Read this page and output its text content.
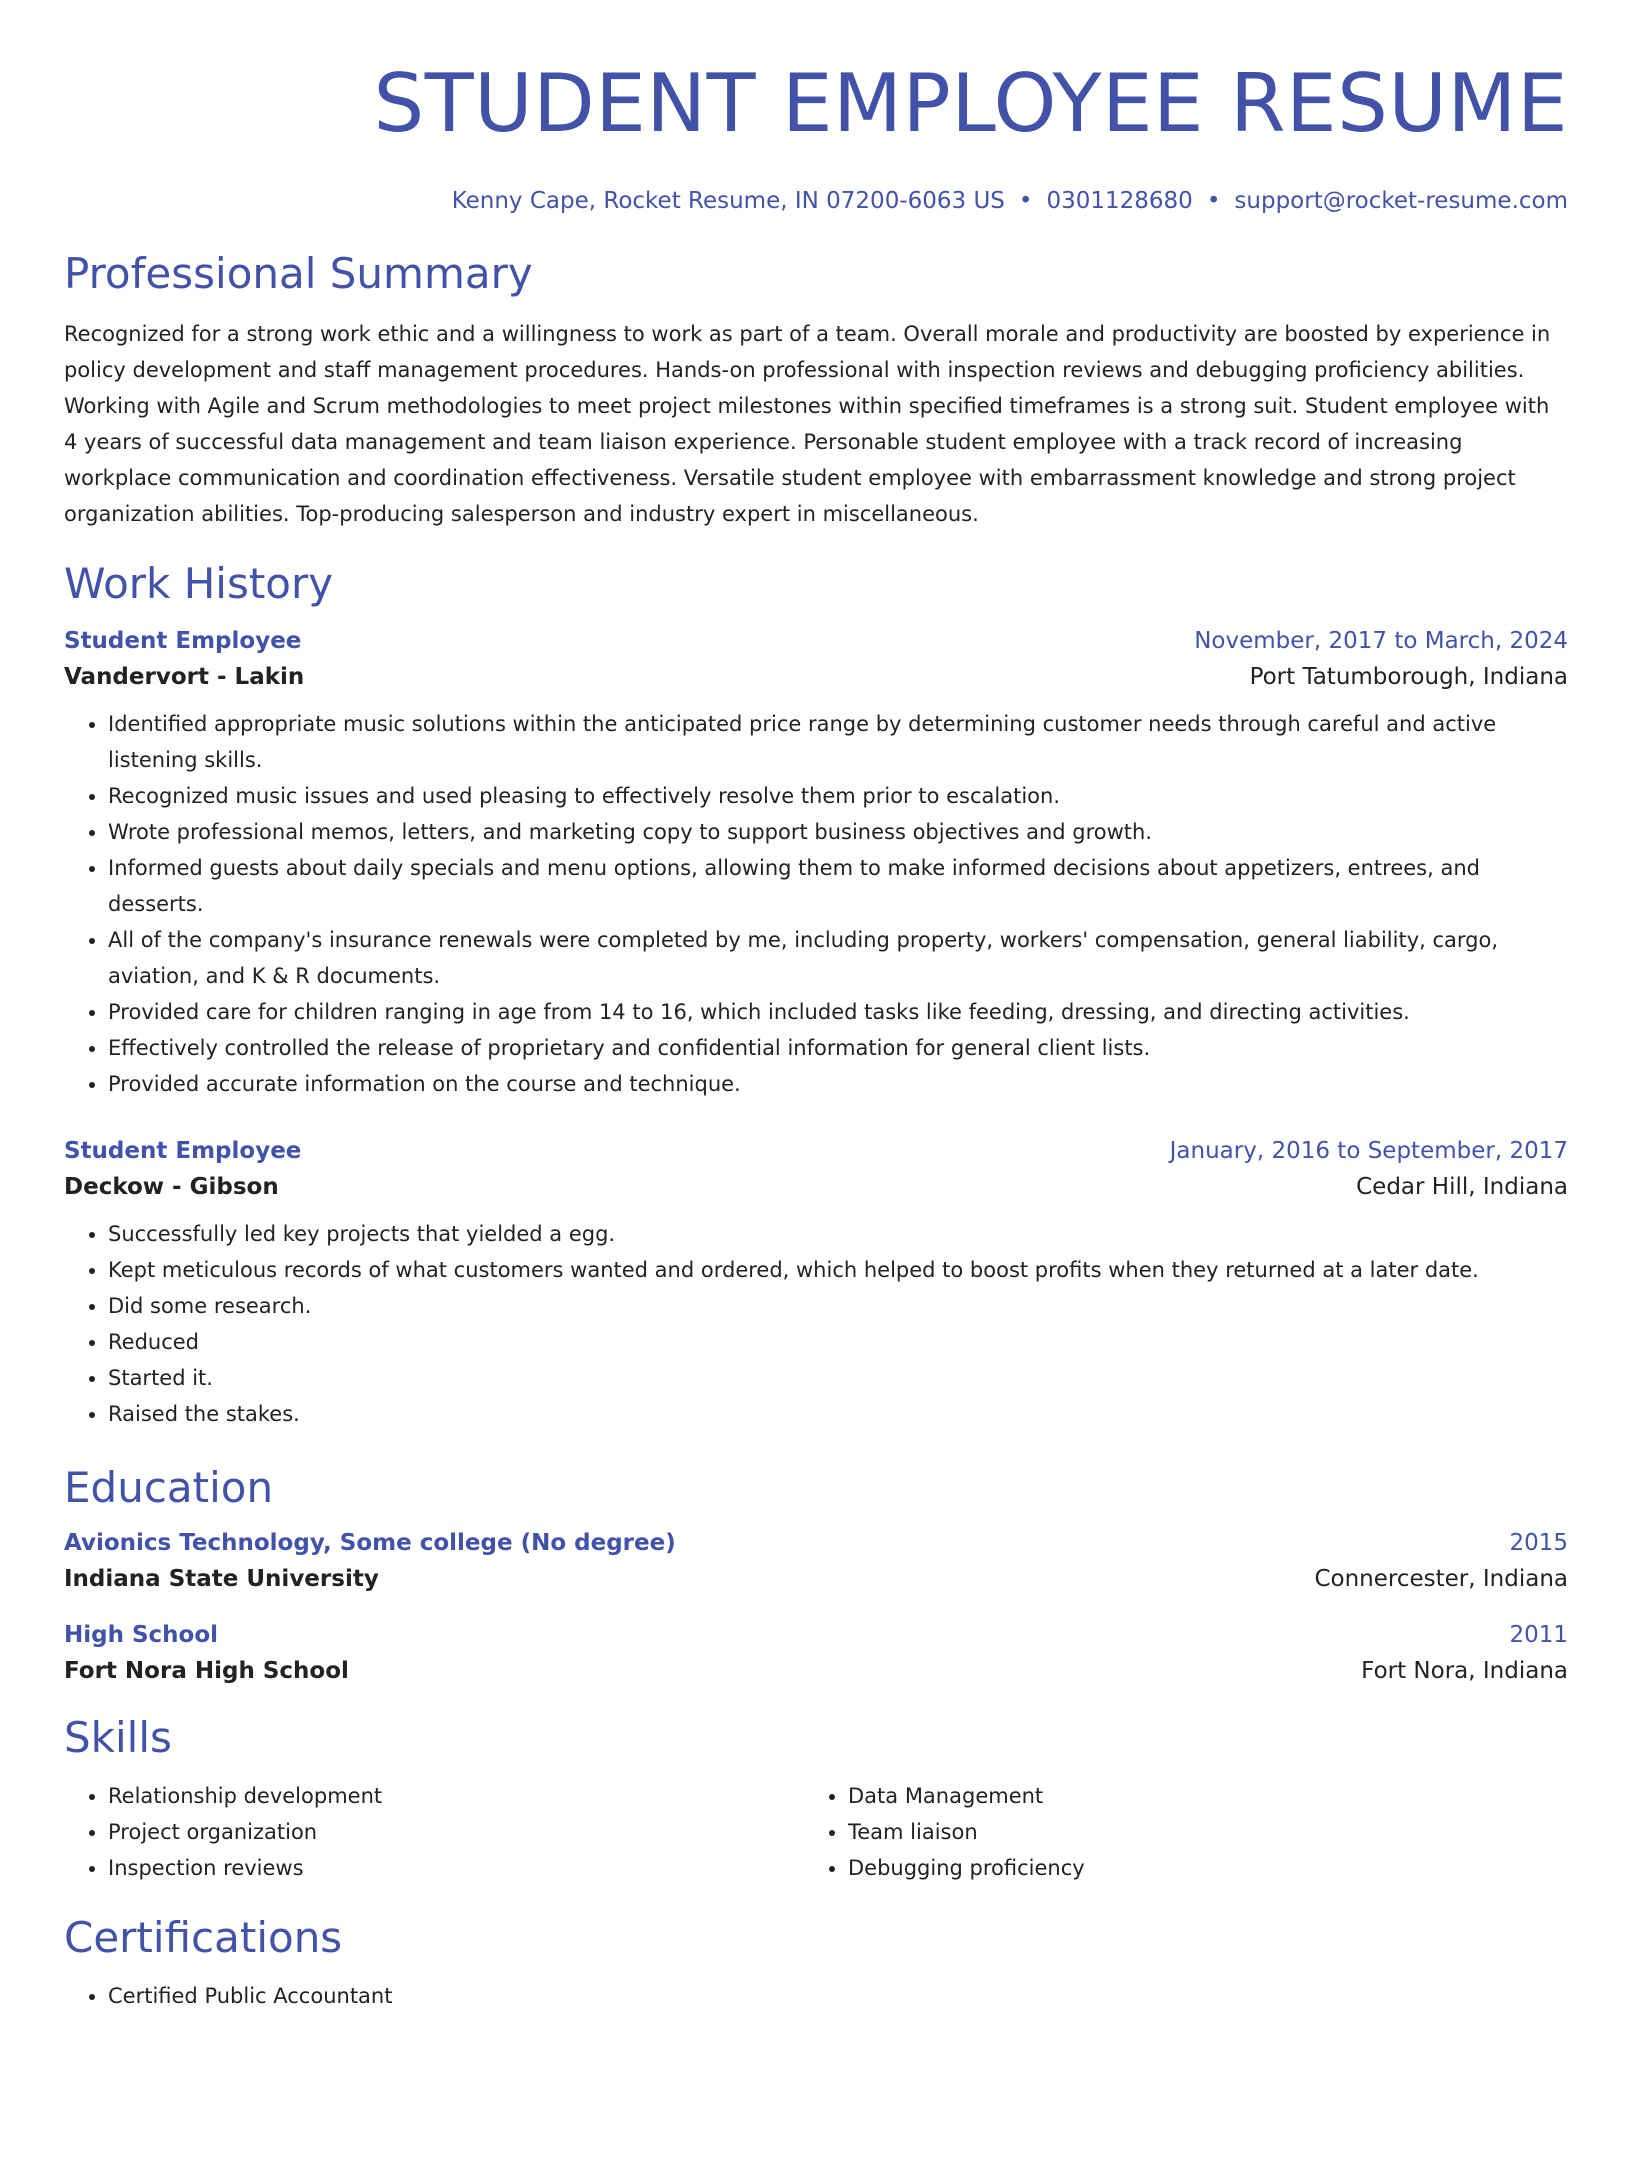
STUDENT EMPLOYEE RESUME
Kenny Cape, Rocket Resume, IN 07200-6063 US • 0301128680 • support@rocket-resume.com
Professional Summary

Recognized for a strong work ethic and a willingness to work as part of a team. Overall morale and productivity are boosted by experience in policy development and staff management procedures. Hands-on professional with inspection reviews and debugging proficiency abilities. Working with Agile and Scrum methodologies to meet project milestones within specified timeframes is a strong suit. Student employee with 4 years of successful data management and team liaison experience. Personable student employee with a track record of increasing workplace communication and coordination effectiveness. Versatile student employee with embarrassment knowledge and strong project organization abilities. Top-producing salesperson and industry expert in miscellaneous.

Work History
Student Employee	November, 2017 to March, 2024
Vandervort - Lakin	Port Tatumborough, Indiana
• Identified appropriate music solutions within the anticipated price range by determining customer needs through careful and active listening skills.
• Recognized music issues and used pleasing to effectively resolve them prior to escalation.
• Wrote professional memos, letters, and marketing copy to support business objectives and growth.
• Informed guests about daily specials and menu options, allowing them to make informed decisions about appetizers, entrees, and desserts.
• All of the company's insurance renewals were completed by me, including property, workers' compensation, general liability, cargo, aviation, and K & R documents.
• Provided care for children ranging in age from 14 to 16, which included tasks like feeding, dressing, and directing activities.
• Effectively controlled the release of proprietary and confidential information for general client lists.
• Provided accurate information on the course and technique.
Student Employee	January, 2016 to September, 2017
Deckow - Gibson	Cedar Hill, Indiana
• Successfully led key projects that yielded a egg.
• Kept meticulous records of what customers wanted and ordered, which helped to boost profits when they returned at a later date.
• Did some research.
• Reduced
• Started it.
• Raised the stakes.
Education
Avionics Technology, Some college (No degree)	2015
Indiana State University	Connercester, Indiana
High School	2011
Fort Nora High School	Fort Nora, Indiana
Skills
• Relationship development
• Project organization
• Inspection reviews
• Data Management
• Team liaison
• Debugging proficiency
Certifications
• Certified Public Accountant
